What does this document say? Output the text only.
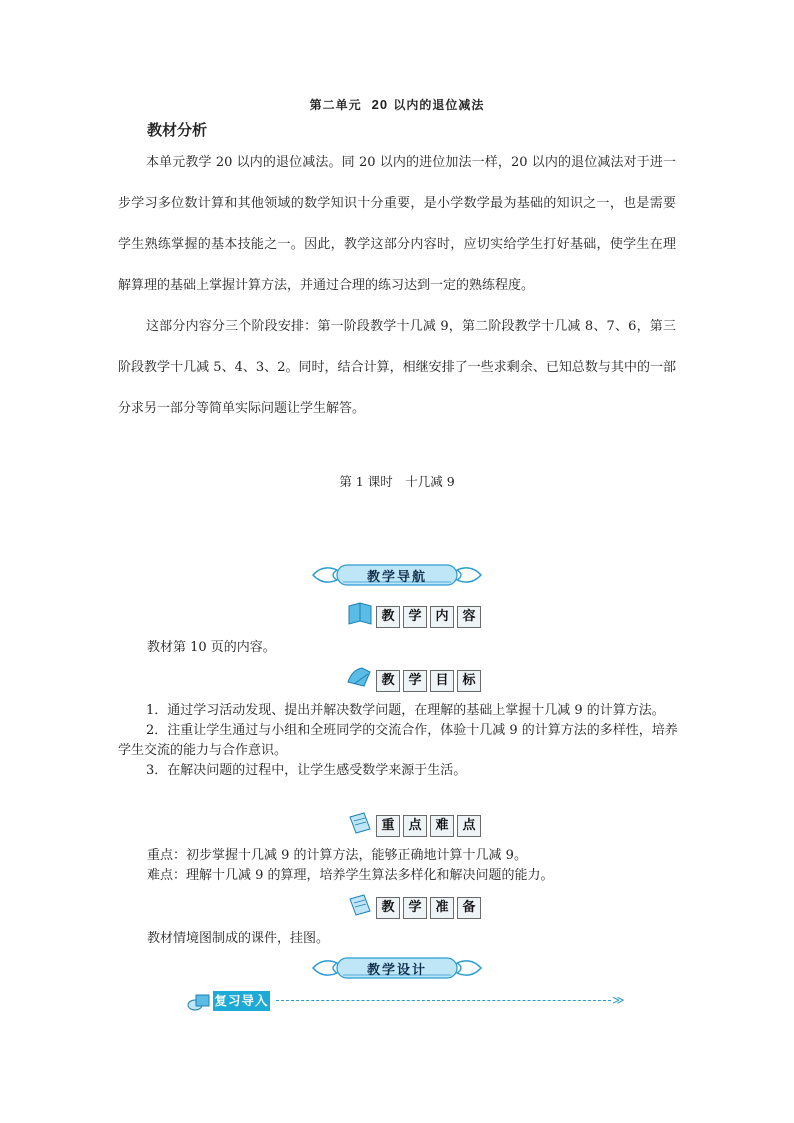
第二单元 20 以内的退位减法
教材分析

本单元教学 20 以内的退位减法。同 20 以内的进位加法一样，20 以内的退位减法对于进一步学习多位数计算和其他领域的数学知识十分重要，是小学数学最为基础的知识之一，也是需要学生熟练掌握的基本技能之一。因此，教学这部分内容时，应切实给学生打好基础，使学生在理解算理的基础上掌握计算方法，并通过合理的练习达到一定的熟练程度。

这部分内容分三个阶段安排：第一阶段教学十几减 9，第二阶段教学十几减 8、7、6，第三阶段教学十几减 5、4、3、2。同时，结合计算，相继安排了一些求剩余、已知总数与其中的一部分求另一部分等简单实际问题让学生解答。

第 1 课时　十几减 9
教学导航
教	学	内	容
教材第 10 页的内容。
教	学	目	标

1．通过学习活动发现、提出并解决数学问题，在理解的基础上掌握十几减 9 的计算方法。

2．注重让学生通过与小组和全班同学的交流合作，体验十几减 9 的计算方法的多样性，培养学生交流的能力与合作意识。

3．在解决问题的过程中，让学生感受数学来源于生活。

重	点	难	点
重点：初步掌握十几减 9 的计算方法，能够正确地计算十几减 9。
难点：理解十几减 9 的算理，培养学生算法多样化和解决问题的能力。
教	学	准	备
教材情境图制成的课件，挂图。
教学设计
复习导入	≫
